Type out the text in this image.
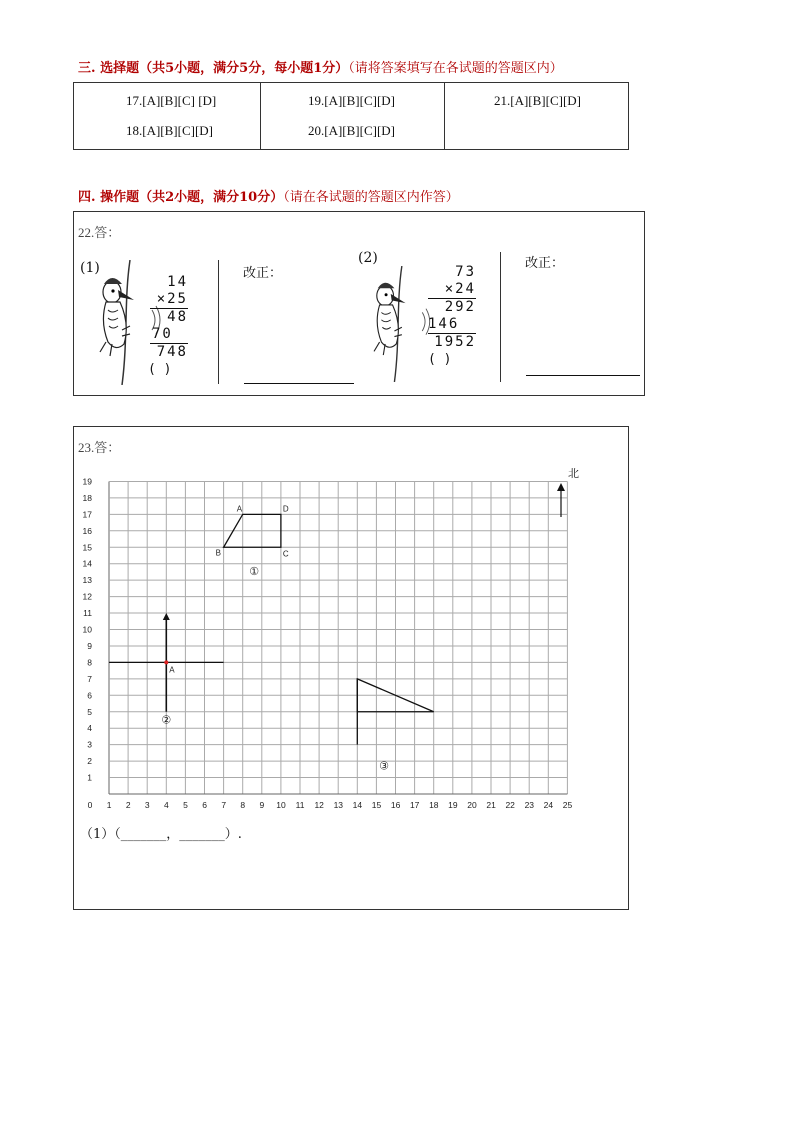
三. 选择题（共5小题，满分5分，每小题1分）（请将答案填写在各试题的答题区内）
17.[A][B][C] [D]
18.[A][B][C][D]
19.[A][B][C][D]
20.[A][B][C][D]
21.[A][B][C][D]
四. 操作题（共2小题，满分10分）（请在各试题的答题区内作答）
22.答：
(1)
14
×25
48
70
748
( )
改正：
(2)
73
×24
292
146
1952
( )
改正：
23.答：
0 1 2 3 4 5 6 7 8 9 10 11 12 13 14 15 16 17 18 19 20 21 22 23 24 25
1
2
3
4
5
6
7
8
9
10
11
12
13
14
15
16
17
18
19
B
A	D
C
①
A
②
③
北
（1）（_______，_______）.
